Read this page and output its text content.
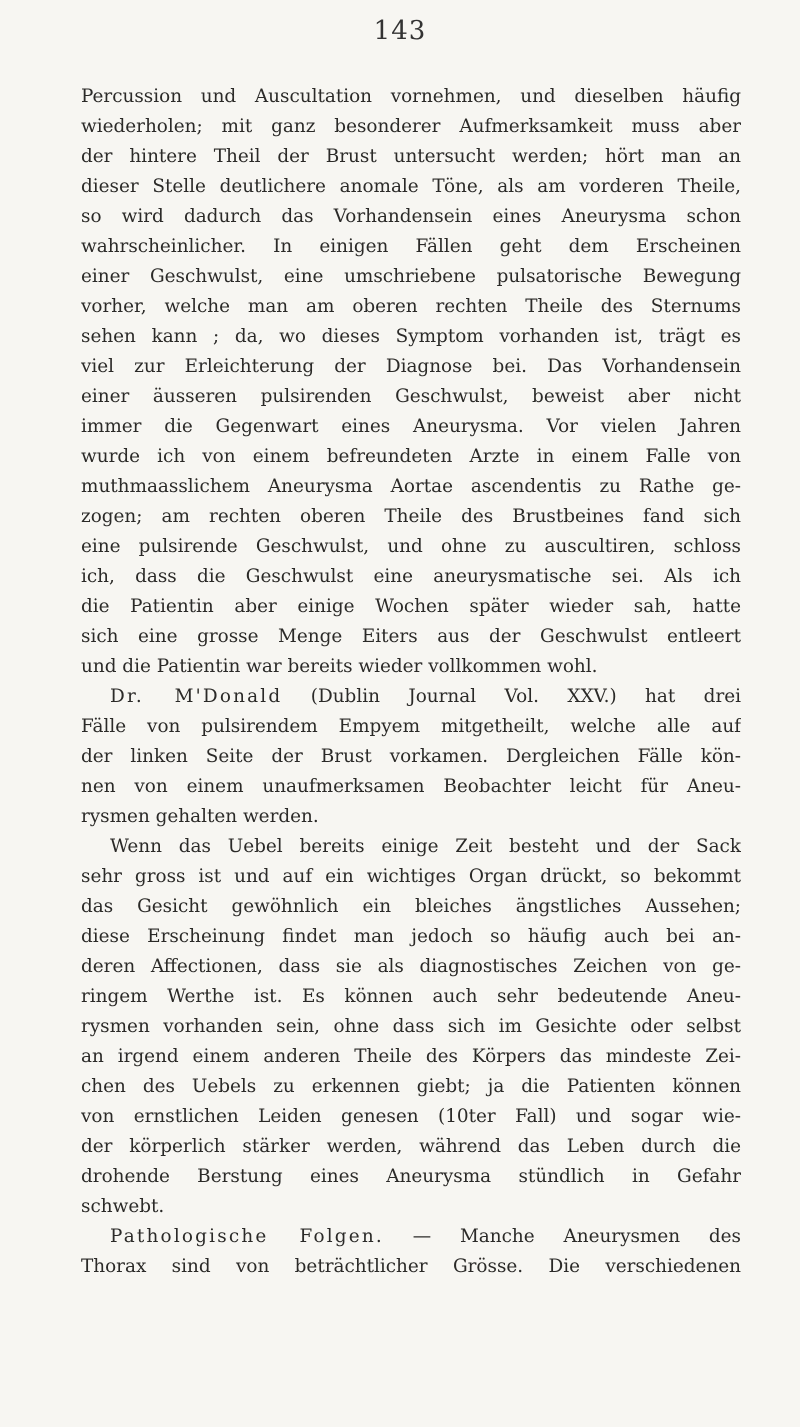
143
Percussion und Auscultation vornehmen, und dieselben häufig
wiederholen; mit ganz besonderer Aufmerksamkeit muss aber
der hintere Theil der Brust untersucht werden; hört man an
dieser Stelle deutlichere anomale Töne, als am vorderen Theile,
so wird dadurch das Vorhandensein eines Aneurysma schon
wahrscheinlicher. In einigen Fällen geht dem Erscheinen
einer Geschwulst, eine umschriebene pulsatorische Bewegung
vorher, welche man am oberen rechten Theile des Sternums
sehen kann ; da, wo dieses Symptom vorhanden ist, trägt es
viel zur Erleichterung der Diagnose bei. Das Vorhandensein
einer äusseren pulsirenden Geschwulst, beweist aber nicht
immer die Gegenwart eines Aneurysma. Vor vielen Jahren
wurde ich von einem befreundeten Arzte in einem Falle von
muthmaasslichem Aneurysma Aortae ascendentis zu Rathe ge-
zogen; am rechten oberen Theile des Brustbeines fand sich
eine pulsirende Geschwulst, und ohne zu auscultiren, schloss
ich, dass die Geschwulst eine aneurysmatische sei. Als ich
die Patientin aber einige Wochen später wieder sah, hatte
sich eine grosse Menge Eiters aus der Geschwulst entleert
und die Patientin war bereits wieder vollkommen wohl.
Dr. M'Donald (Dublin Journal Vol. XXV.) hat drei
Fälle von pulsirendem Empyem mitgetheilt, welche alle auf
der linken Seite der Brust vorkamen. Dergleichen Fälle kön-
nen von einem unaufmerksamen Beobachter leicht für Aneu-
rysmen gehalten werden.
Wenn das Uebel bereits einige Zeit besteht und der Sack
sehr gross ist und auf ein wichtiges Organ drückt, so bekommt
das Gesicht gewöhnlich ein bleiches ängstliches Aussehen;
diese Erscheinung findet man jedoch so häufig auch bei an-
deren Affectionen, dass sie als diagnostisches Zeichen von ge-
ringem Werthe ist. Es können auch sehr bedeutende Aneu-
rysmen vorhanden sein, ohne dass sich im Gesichte oder selbst
an irgend einem anderen Theile des Körpers das mindeste Zei-
chen des Uebels zu erkennen giebt; ja die Patienten können
von ernstlichen Leiden genesen (10ter Fall) und sogar wie-
der körperlich stärker werden, während das Leben durch die
drohende Berstung eines Aneurysma stündlich in Gefahr
schwebt.
Pathologische Folgen. — Manche Aneurysmen des
Thorax sind von beträchtlicher Grösse. Die verschiedenen
